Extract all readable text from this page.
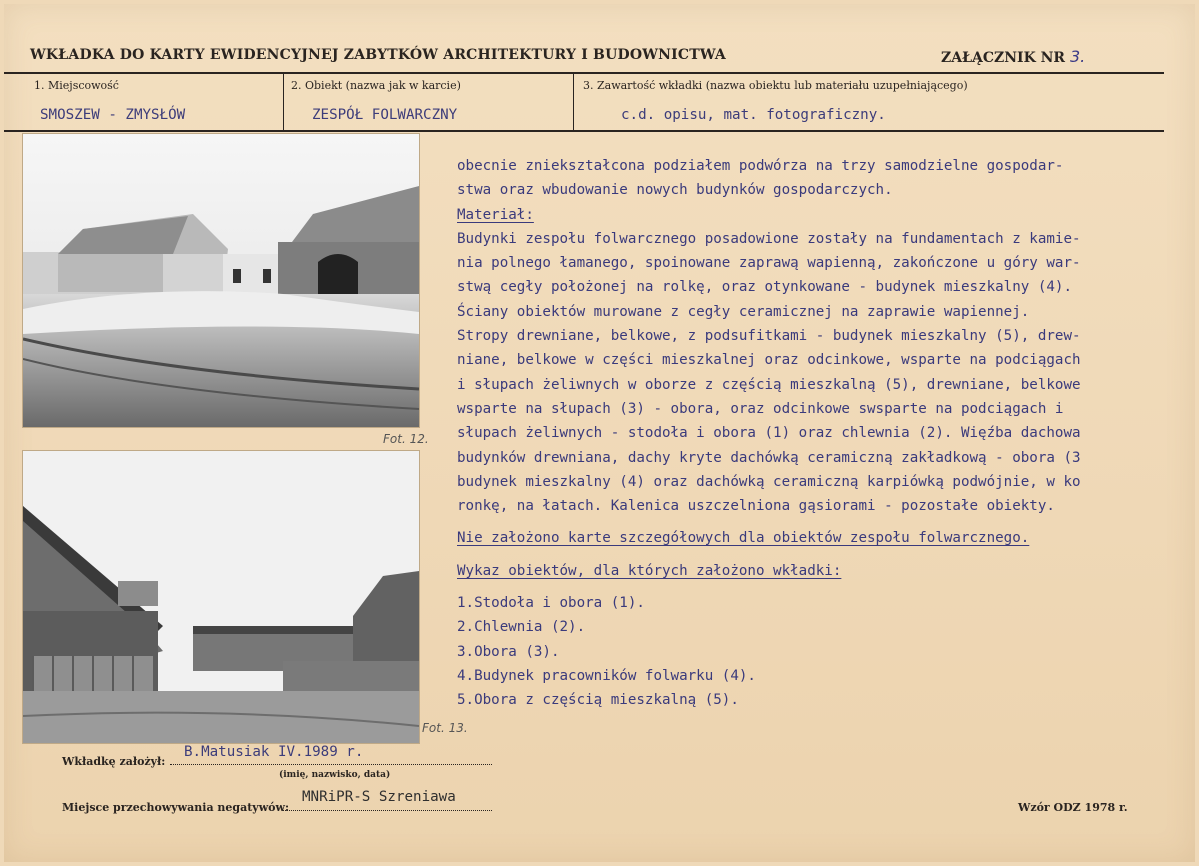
WKŁADKA DO KARTY EWIDENCYJNEJ ZABYTKÓW ARCHITEKTURY I BUDOWNICTWA	ZAŁĄCZNIK NR 3.
1. Miejscowość	2. Obiekt (nazwa jak w karcie)	3. Zawartość wkładki (nazwa obiektu lub materiału uzupełniającego)
SMOSZEW - ZMYSŁÓW	ZESPÓŁ FOLWARCZNY	c.d. opisu, mat. fotograficzny.
Fot. 12.
Fot. 13.
obecnie zniekształcona podziałem podwórza na trzy samodzielne gospodar-
stwa oraz wbudowanie nowych budynków gospodarczych.
Materiał:
Budynki zespołu folwarcznego posadowione zostały na fundamentach z kamie-
nia polnego łamanego, spoinowane zaprawą wapienną, zakończone u góry war-
stwą cegły położonej na rolkę, oraz otynkowane - budynek mieszkalny (4).
Ściany obiektów murowane z cegły ceramicznej na zaprawie wapiennej.
Stropy drewniane, belkowe, z podsufitkami - budynek mieszkalny (5), drew-
niane, belkowe w części mieszkalnej oraz odcinkowe, wsparte na podciągach
i słupach żeliwnych w oborze z częścią mieszkalną (5), drewniane, belkowe
wsparte na słupach (3) - obora, oraz odcinkowe swsparte na podciągach i
słupach żeliwnych - stodoła i obora (1) oraz chlewnia (2). Więźba dachowa
budynków drewniana, dachy kryte dachówką ceramiczną zakładkową - obora (3
budynek mieszkalny (4) oraz dachówką ceramiczną karpiówką podwójnie, w ko
ronkę, na łatach. Kalenica uszczelniona gąsiorami - pozostałe obiekty.
Nie założono karte szczegółowych dla obiektów zespołu folwarcznego.
Wykaz obiektów, dla których założono wkładki:
1.Stodoła i obora (1).
2.Chlewnia (2).
3.Obora (3).
4.Budynek pracowników folwarku (4).
5.Obora z częścią mieszkalną (5).
Wkładkę założył:
B.Matusiak IV.1989 r.
(imię, nazwisko, data)
Miejsce przechowywania negatywów:
MNRiPR-S Szreniawa
Wzór ODZ 1978 r.
